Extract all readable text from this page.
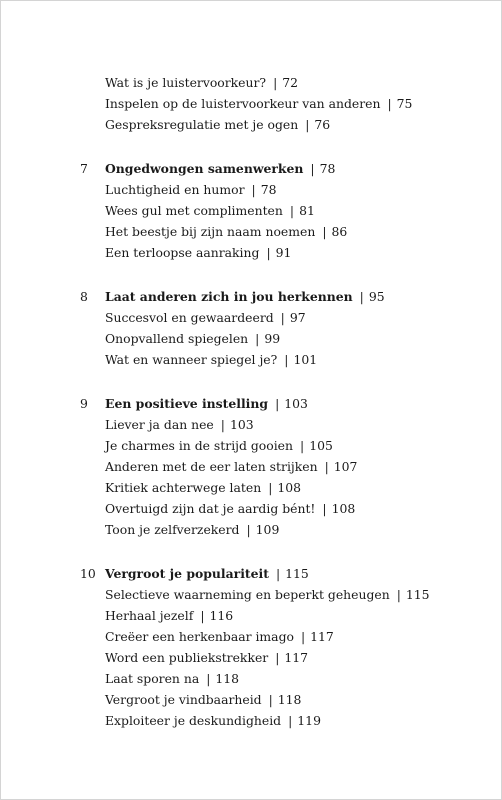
Wat is je luistervoorkeur? | 72
Inspelen op de luistervoorkeur van anderen | 75
Gespreksregulatie met je ogen | 76
7 Ongedwongen samenwerken | 78
Luchtigheid en humor | 78
Wees gul met complimenten | 81
Het beestje bij zijn naam noemen | 86
Een terloopse aanraking | 91
8 Laat anderen zich in jou herkennen | 95
Succesvol en gewaardeerd | 97
Onopvallend spiegelen | 99
Wat en wanneer spiegel je? | 101
9 Een positieve instelling | 103
Liever ja dan nee | 103
Je charmes in de strijd gooien | 105
Anderen met de eer laten strijken | 107
Kritiek achterwege laten | 108
Overtuigd zijn dat je aardig bént! | 108
Toon je zelfverzekerd | 109
10 Vergroot je populariteit | 115
Selectieve waarneming en beperkt geheugen | 115
Herhaal jezelf | 116
Creëer een herkenbaar imago | 117
Word een publiekstrekker | 117
Laat sporen na | 118
Vergroot je vindbaarheid | 118
Exploiteer je deskundigheid | 119
